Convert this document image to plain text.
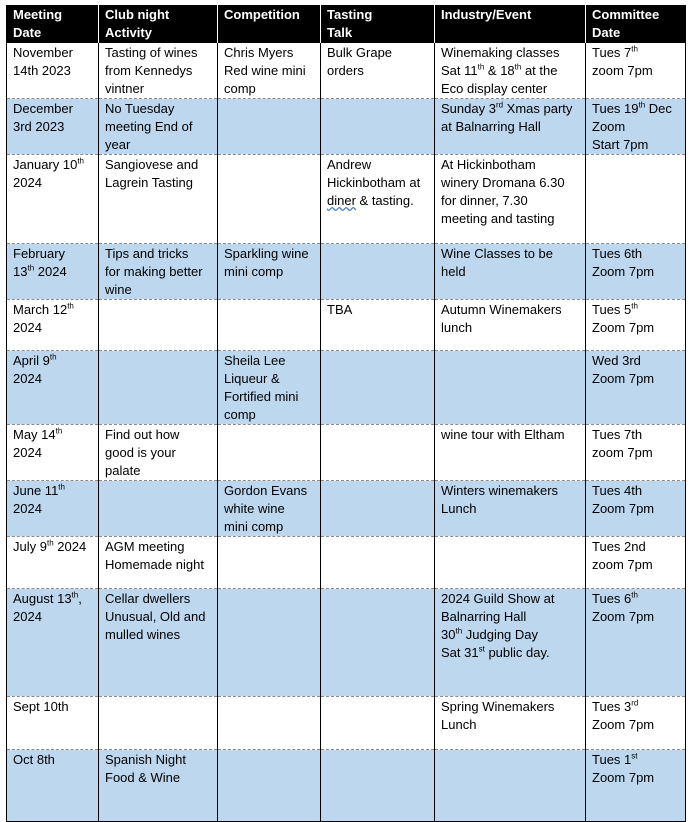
Meeting
Date	Club night
Activity	Competition	Tasting
Talk	Industry/Event	Committee
Date
November
14th 2023	Tasting of wines
from Kennedys
vintner	Chris Myers
Red wine mini
comp	Bulk Grape
orders	Winemaking classes
Sat 11th & 18th at the
Eco display center	Tues 7th
zoom 7pm
December
3rd 2023	No Tuesday
meeting End of
year			Sunday 3rd Xmas party
at Balnarring Hall	Tues 19th Dec
Zoom
Start 7pm
January 10th
2024	Sangiovese and
Lagrein Tasting		Andrew
Hickinbotham at
diner & tasting.	At Hickinbotham
winery Dromana 6.30
for dinner, 7.30
meeting and tasting	
February
13th 2024	Tips and tricks
for making better
wine	Sparkling wine
mini comp		Wine Classes to be
held	Tues 6th
Zoom 7pm
March 12th
2024			TBA	Autumn Winemakers
lunch	Tues 5th
Zoom 7pm
April 9th
2024		Sheila Lee
Liqueur &
Fortified mini
comp			Wed 3rd
Zoom 7pm
May 14th
2024	Find out how
good is your
palate			wine tour with Eltham	Tues 7th
zoom 7pm
June 11th
2024		Gordon Evans
white wine
mini comp		Winters winemakers
Lunch	Tues 4th
Zoom 7pm
July 9th 2024	AGM meeting
Homemade night				Tues 2nd
zoom 7pm
August 13th,
2024	Cellar dwellers
Unusual, Old and
mulled wines			2024 Guild Show at
Balnarring Hall
30th Judging Day
Sat 31st public day.	Tues 6th
Zoom 7pm
Sept 10th				Spring Winemakers
Lunch	Tues 3rd
Zoom 7pm
Oct 8th	Spanish Night
Food & Wine				Tues 1st
Zoom 7pm
